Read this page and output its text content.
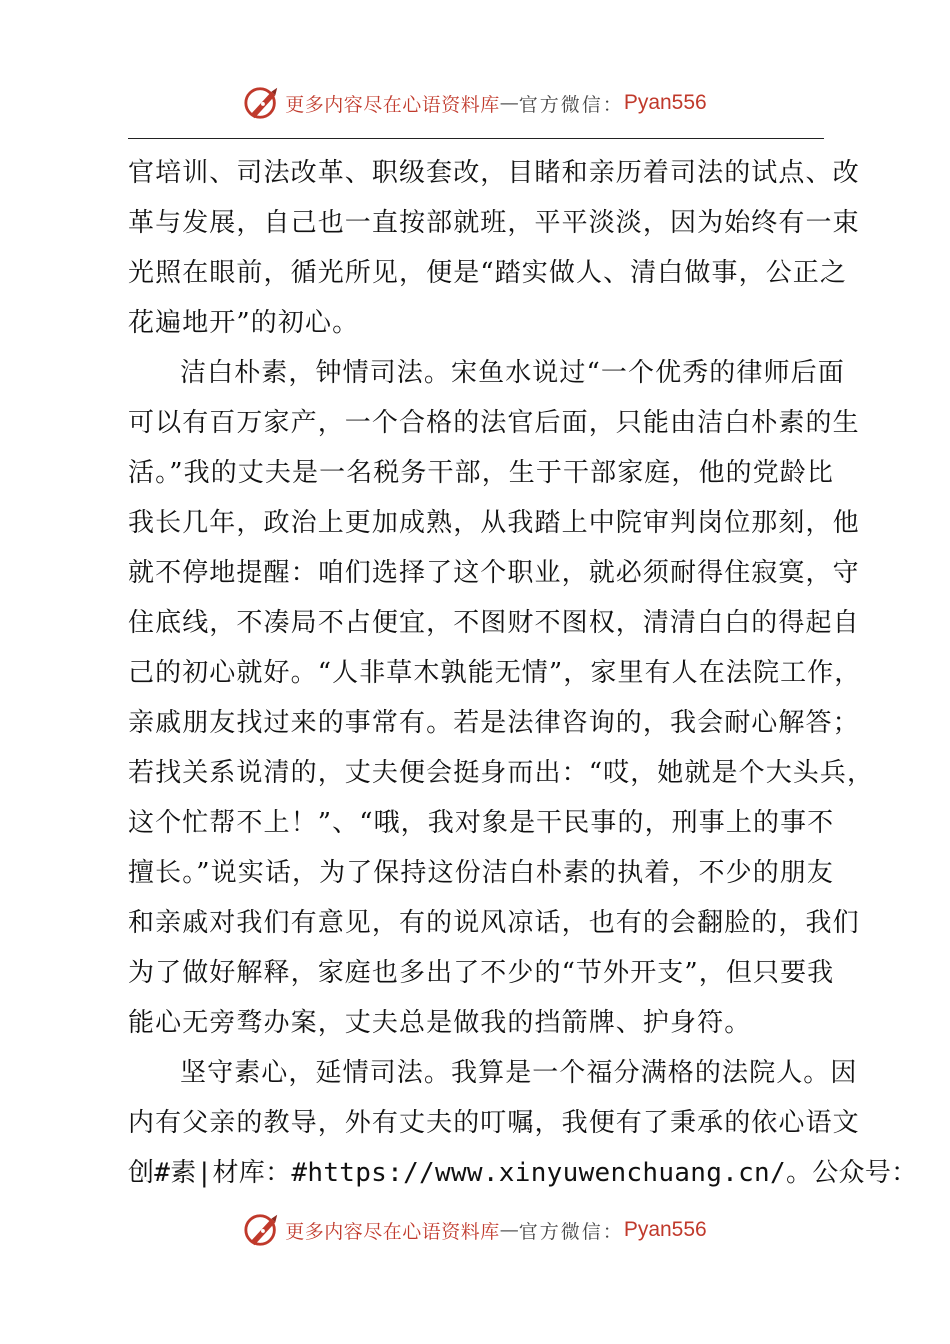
更多内容尽在心语资料库 — 官方微信： Pyan556
官培训、司法改革、职级套改，目睹和亲历着司法的试点、改
革与发展，自己也一直按部就班，平平淡淡，因为始终有一束
光照在眼前，循光所见，便是“踏实做人、清白做事，公正之
花遍地开”的初心。
洁白朴素，钟情司法。宋鱼水说过“一个优秀的律师后面
可以有百万家产，一个合格的法官后面，只能由洁白朴素的生
活。”我的丈夫是一名税务干部，生于干部家庭，他的党龄比
我长几年，政治上更加成熟，从我踏上中院审判岗位那刻，他
就不停地提醒：咱们选择了这个职业，就必须耐得住寂寞，守
住底线，不凑局不占便宜，不图财不图权，清清白白的得起自
己的初心就好。“人非草木孰能无情”，家里有人在法院工作，
亲戚朋友找过来的事常有。若是法律咨询的，我会耐心解答；
若找关系说清的，丈夫便会挺身而出：“哎，她就是个大头兵，
这个忙帮不上！”、“哦，我对象是干民事的，刑事上的事不
擅长。”说实话，为了保持这份洁白朴素的执着，不少的朋友
和亲戚对我们有意见，有的说风凉话，也有的会翻脸的，我们
为了做好解释，家庭也多出了不少的“节外开支”，但只要我
能心无旁骛办案，丈夫总是做我的挡箭牌、护身符。
坚守素心，延情司法。我算是一个福分满格的法院人。因
内有父亲的教导，外有丈夫的叮嘱，我便有了秉承的依心语文
创#素|材库：#https://www.xinyuwenchuang.cn/。公众号：
更多内容尽在心语资料库 — 官方微信： Pyan556
